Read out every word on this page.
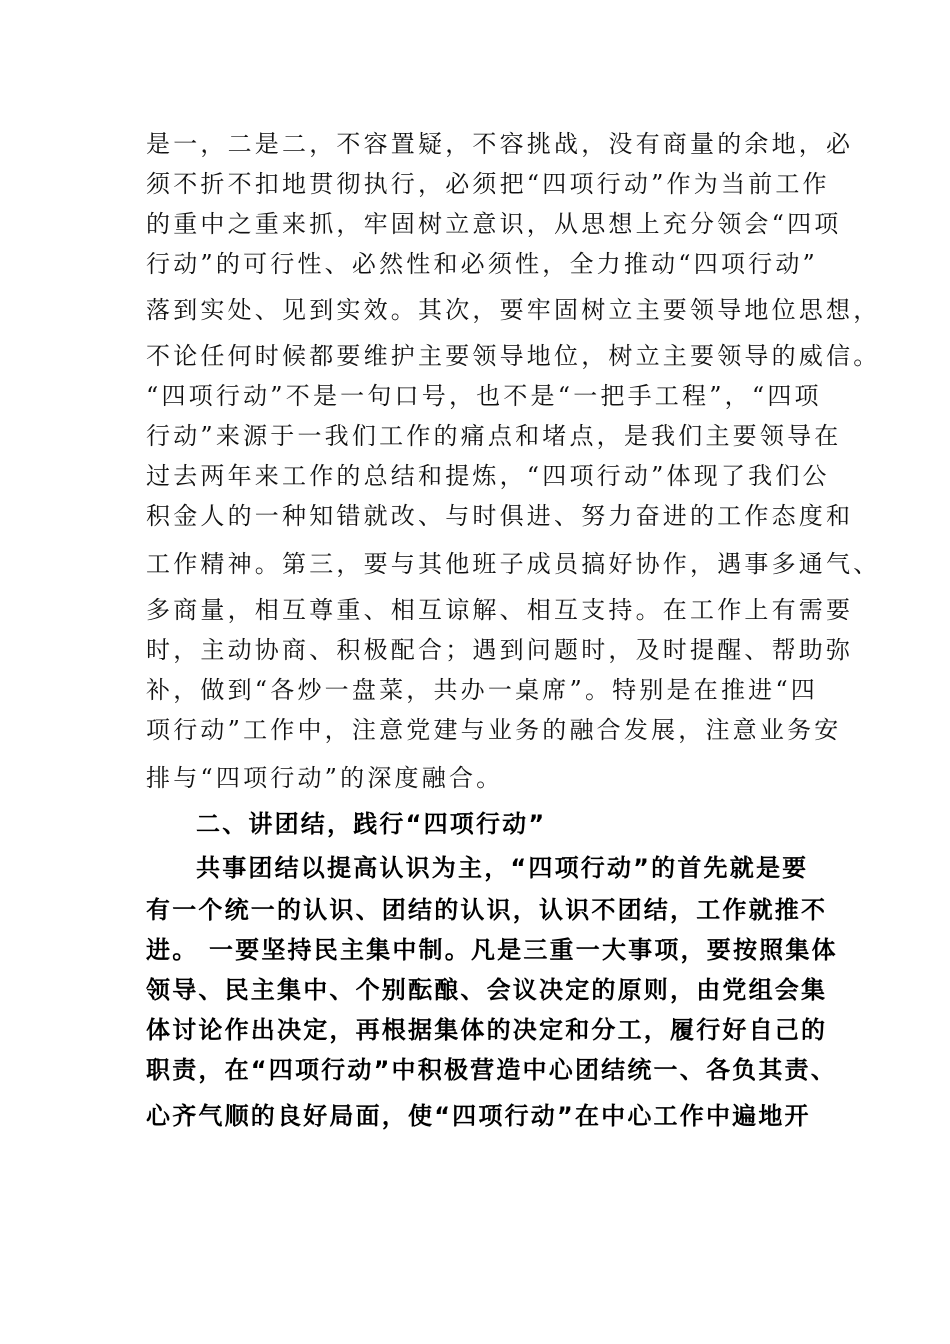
是一，二是二，不容置疑，不容挑战，没有商量的余地，必
须不折不扣地贯彻执行，必须把“四项行动”作为当前工作
的重中之重来抓，牢固树立意识，从思想上充分领会“四项
行动”的可行性、必然性和必须性，全力推动“四项行动”
落到实处、见到实效。其次，要牢固树立主要领导地位思想，
不论任何时候都要维护主要领导地位，树立主要领导的威信。
“四项行动”不是一句口号，也不是“一把手工程”，“四项
行动”来源于一我们工作的痛点和堵点，是我们主要领导在
过去两年来工作的总结和提炼，“四项行动”体现了我们公
积金人的一种知错就改、与时俱进、努力奋进的工作态度和
工作精神。第三，要与其他班子成员搞好协作，遇事多通气、
多商量，相互尊重、相互谅解、相互支持。在工作上有需要
时，主动协商、积极配合；遇到问题时，及时提醒、帮助弥
补，做到“各炒一盘菜，共办一桌席”。特别是在推进“四
项行动”工作中，注意党建与业务的融合发展，注意业务安
排与“四项行动”的深度融合。
二、讲团结，践行“四项行动”
共事团结以提高认识为主，“四项行动”的首先就是要
有一个统一的认识、团结的认识，认识不团结，工作就推不
进。 一要坚持民主集中制。凡是三重一大事项，要按照集体
领导、民主集中、个别酝酿、会议决定的原则，由党组会集
体讨论作出决定，再根据集体的决定和分工，履行好自己的
职责，在“四项行动”中积极营造中心团结统一、各负其责、
心齐气顺的良好局面，使“四项行动”在中心工作中遍地开
